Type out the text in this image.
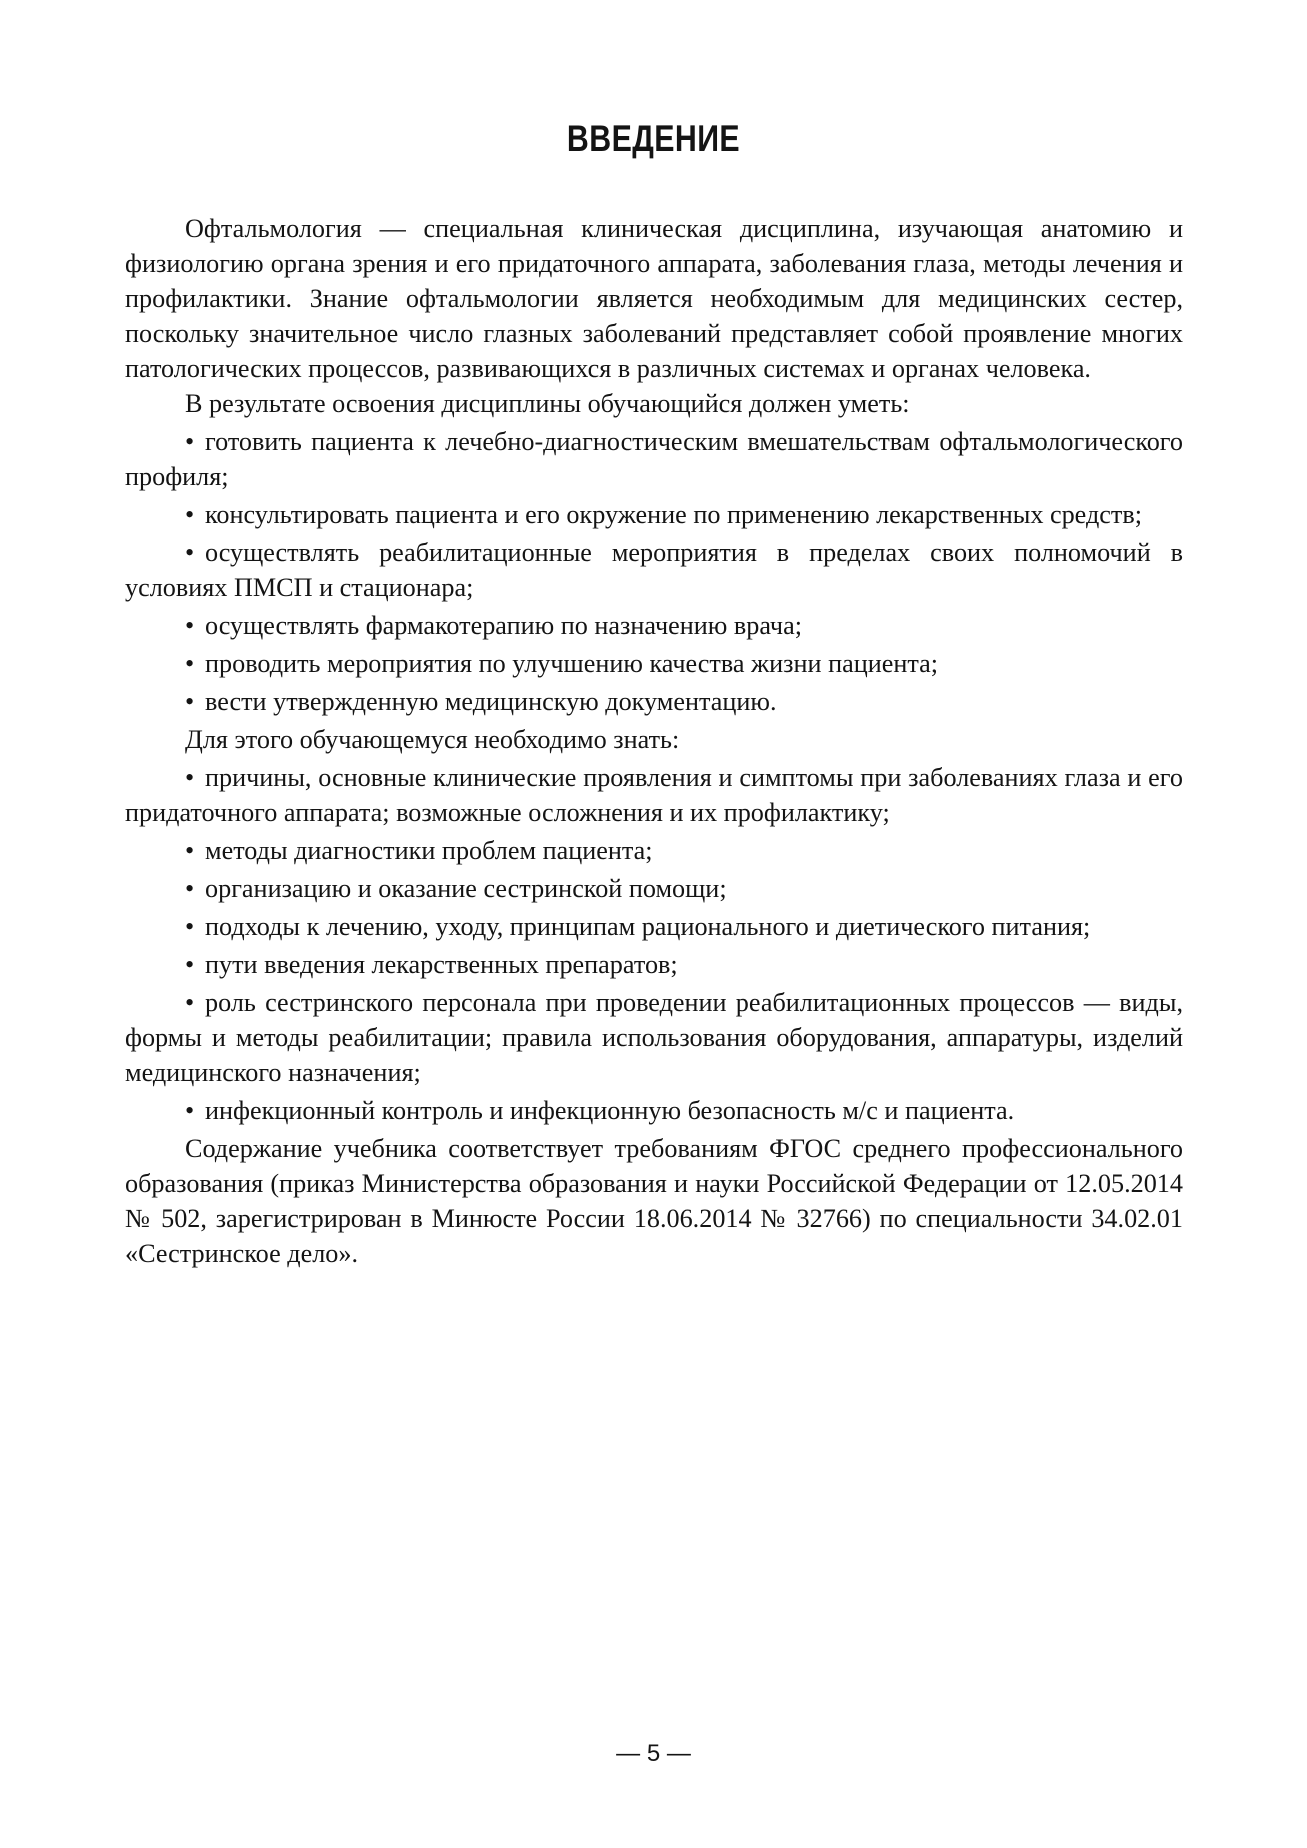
ВВЕДЕНИЕ

Офтальмология — специальная клиническая дисциплина, изучающая анатомию и физиологию органа зрения и его придаточного аппарата, заболевания глаза, методы лечения и профилактики. Знание офтальмологии является необходимым для медицинских сестер, поскольку значительное число глазных заболеваний представляет собой проявление многих патологических процессов, развивающихся в различных системах и органах человека.

В результате освоения дисциплины обучающийся должен уметь:

• готовить пациента к лечебно-диагностическим вмешательствам офтальмологического профиля;

• консультировать пациента и его окружение по применению лекарственных средств;

• осуществлять реабилитационные мероприятия в пределах своих полномочий в условиях ПМСП и стационара;

• осуществлять фармакотерапию по назначению врача;

• проводить мероприятия по улучшению качества жизни пациента;

• вести утвержденную медицинскую документацию.

Для этого обучающемуся необходимо знать:

• причины, основные клинические проявления и симптомы при заболеваниях глаза и его придаточного аппарата; возможные осложнения и их профилактику;

• методы диагностики проблем пациента;

• организацию и оказание сестринской помощи;

• подходы к лечению, уходу, принципам рационального и диетического питания;

• пути введения лекарственных препаратов;

• роль сестринского персонала при проведении реабилитационных процессов — виды, формы и методы реабилитации; правила использования оборудования, аппаратуры, изделий медицинского назначения;

• инфекционный контроль и инфекционную безопасность м/с и пациента.

Содержание учебника соответствует требованиям ФГОС среднего профессионального образования (приказ Министерства образования и науки Российской Федерации от 12.05.2014 № 502, зарегистрирован в Минюсте России 18.06.2014 № 32766) по специальности 34.02.01 «Сестринское дело».

— 5 —
